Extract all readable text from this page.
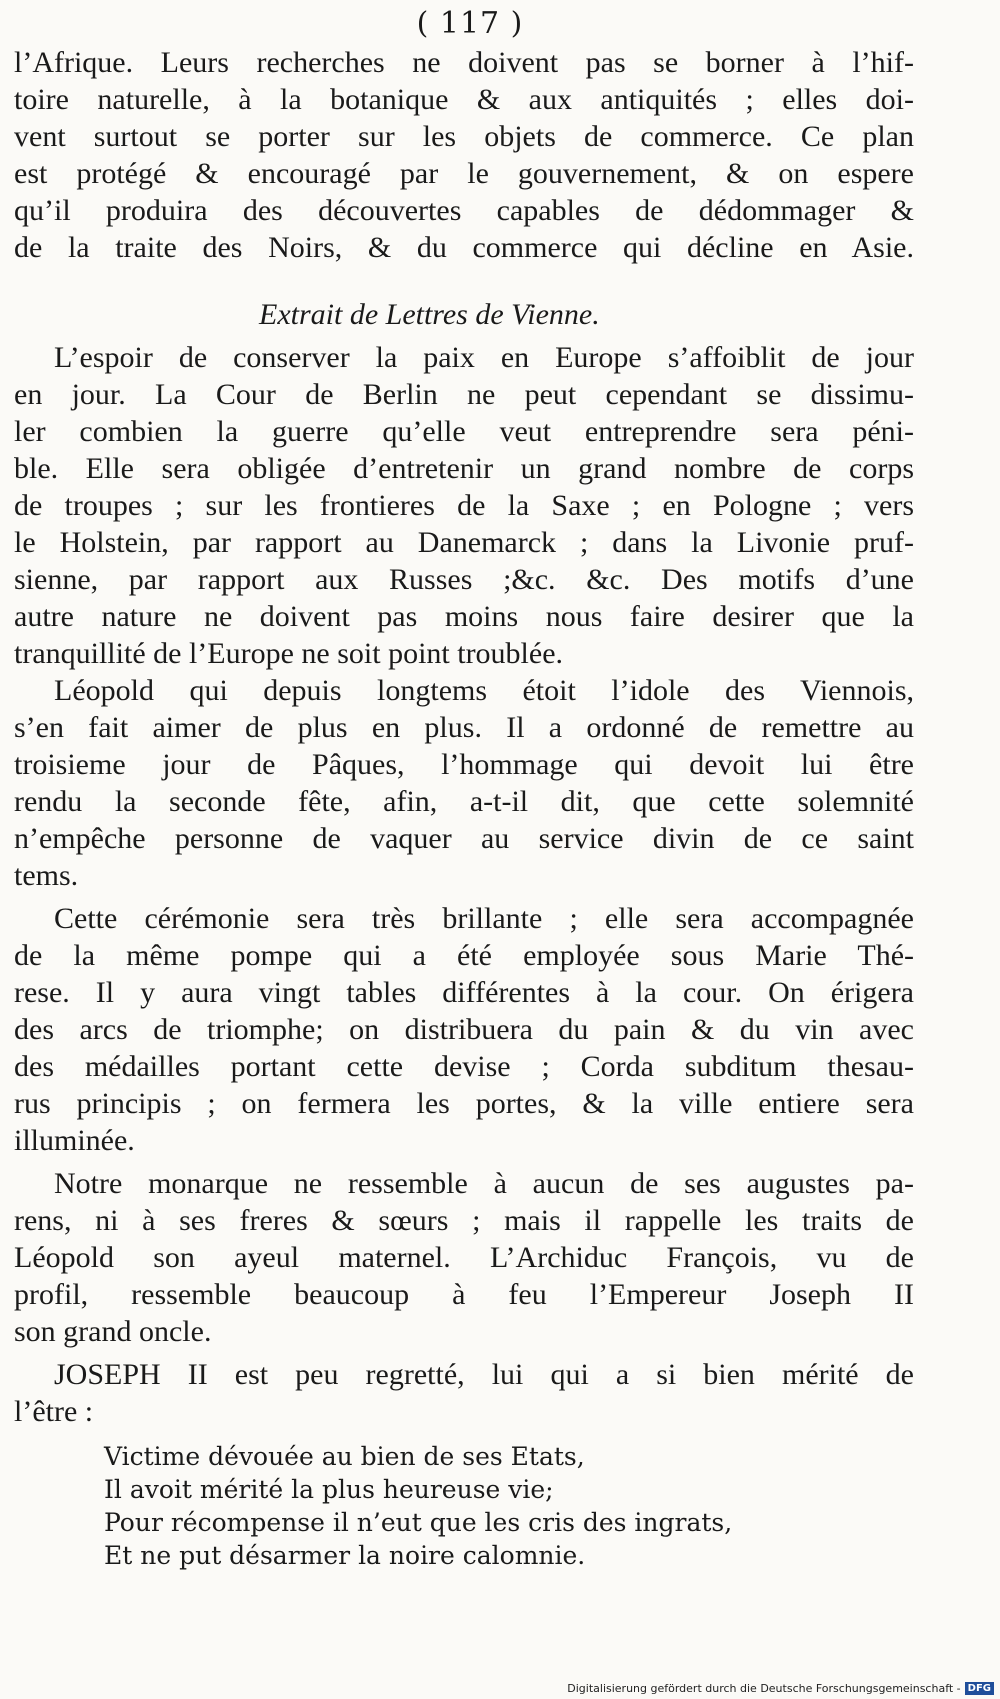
( 117 )
l’Afrique. Leurs recherches ne doivent pas se borner à l’hif-
toire naturelle, à la botanique & aux antiquités ; elles doi-
vent surtout se porter sur les objets de commerce. Ce plan
est protégé & encouragé par le gouvernement, & on espere
qu’il produira des découvertes capables de dédommager &
de la traite des Noirs, & du commerce qui décline en Asie.
Extrait de Lettres de Vienne.
L’espoir de conserver la paix en Europe s’affoiblit de jour
en jour. La Cour de Berlin ne peut cependant se dissimu-
ler combien la guerre qu’elle veut entreprendre sera péni-
ble. Elle sera obligée d’entretenir un grand nombre de corps
de troupes ; sur les frontieres de la Saxe ; en Pologne ; vers
le Holstein, par rapport au Danemarck ; dans la Livonie pruf-
sienne, par rapport aux Russes ;&c. &c. Des motifs d’une
autre nature ne doivent pas moins nous faire desirer que la
tranquillité de l’Europe ne soit point troublée.
Léopold qui depuis longtems étoit l’idole des Viennois,
s’en fait aimer de plus en plus. Il a ordonné de remettre au
troisieme jour de Pâques, l’hommage qui devoit lui être
rendu la seconde fête, afin, a-t-il dit, que cette solemnité
n’empêche personne de vaquer au service divin de ce saint
tems.
Cette cérémonie sera très brillante ; elle sera accompagnée
de la même pompe qui a été employée sous Marie Thé-
rese. Il y aura vingt tables différentes à la cour. On érigera
des arcs de triomphe; on distribuera du pain & du vin avec
des médailles portant cette devise ; Corda subditum thesau-
rus principis ; on fermera les portes, & la ville entiere sera
illuminée.
Notre monarque ne ressemble à aucun de ses augustes pa-
rens, ni à ses freres & sœurs ; mais il rappelle les traits de
Léopold son ayeul maternel. L’Archiduc François, vu de
profil, ressemble beaucoup à feu l’Empereur Joseph II
son grand oncle.
JOSEPH II est peu regretté, lui qui a si bien mérité de
l’être :
Victime dévouée au bien de ses Etats,
Il avoit mérité la plus heureuse vie;
Pour récompense il n’eut que les cris des ingrats,
Et ne put désarmer la noire calomnie.
Digitalisierung gefördert durch die Deutsche Forschungsgemeinschaft - DFG
